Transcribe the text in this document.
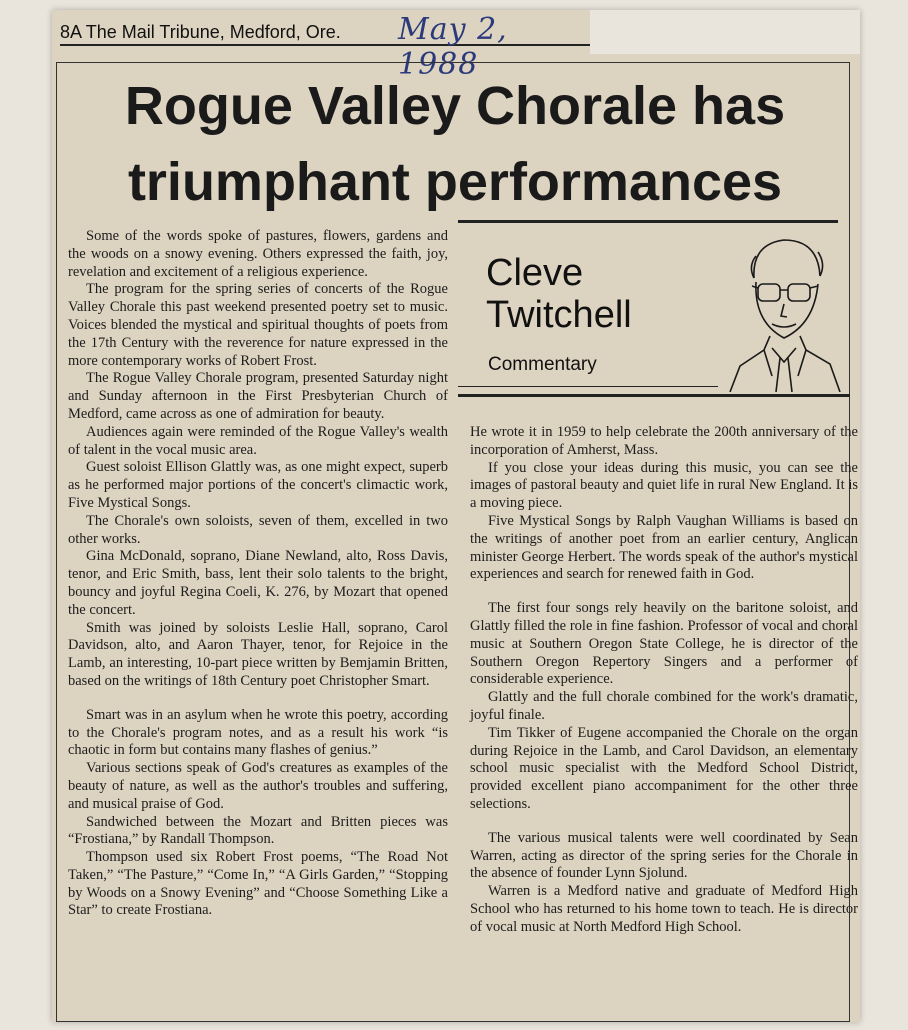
8A The Mail Tribune, Medford, Ore. May 2, 1988
Rogue Valley Chorale has
triumphant performances
Cleve
Twitchell
Commentary

Some of the words spoke of pastures, flowers, gardens and the woods on a snowy evening. Others expressed the faith, joy, revelation and excitement of a religious experience.

The program for the spring series of concerts of the Rogue Valley Chorale this past weekend presented poetry set to music. Voices blended the mystical and spiritual thoughts of poets from the 17th Century with the reverence for nature expressed in the more contemporary works of Robert Frost.

The Rogue Valley Chorale program, presented Saturday night and Sunday afternoon in the First Presbyterian Church of Medford, came across as one of admiration for beauty.

Audiences again were reminded of the Rogue Valley's wealth of talent in the vocal music area.

Guest soloist Ellison Glattly was, as one might expect, superb as he performed major portions of the concert's climactic work, Five Mystical Songs.

The Chorale's own soloists, seven of them, excelled in two other works.

Gina McDonald, soprano, Diane Newland, alto, Ross Davis, tenor, and Eric Smith, bass, lent their solo talents to the bright, bouncy and joyful Regina Coeli, K. 276, by Mozart that opened the concert.

Smith was joined by soloists Leslie Hall, soprano, Carol Davidson, alto, and Aaron Thayer, tenor, for Rejoice in the Lamb, an interesting, 10-part piece written by Bemjamin Britten, based on the writings of 18th Century poet Christopher Smart.

Smart was in an asylum when he wrote this poetry, according to the Chorale's program notes, and as a result his work “is chaotic in form but contains many flashes of genius.”

Various sections speak of God's creatures as examples of the beauty of nature, as well as the author's troubles and suffering, and musical praise of God.

Sandwiched between the Mozart and Britten pieces was “Frostiana,” by Randall Thompson.

Thompson used six Robert Frost poems, “The Road Not Taken,” “The Pasture,” “Come In,” “A Girls Garden,” “Stopping by Woods on a Snowy Evening” and “Choose Something Like a Star” to create Frostiana.

He wrote it in 1959 to help celebrate the 200th anniversary of the incorporation of Amherst, Mass.

If you close your ideas during this music, you can see the images of pastoral beauty and quiet life in rural New England. It is a moving piece.

Five Mystical Songs by Ralph Vaughan Williams is based on the writings of another poet from an earlier century, Anglican minister George Herbert. The words speak of the author's mystical experiences and search for renewed faith in God.

The first four songs rely heavily on the baritone soloist, and Glattly filled the role in fine fashion. Professor of vocal and choral music at Southern Oregon State College, he is director of the Southern Oregon Repertory Singers and a performer of considerable experience.

Glattly and the full chorale combined for the work's dramatic, joyful finale.

Tim Tikker of Eugene accompanied the Chorale on the organ during Rejoice in the Lamb, and Carol Davidson, an elementary school music specialist with the Medford School District, provided excellent piano accompaniment for the other three selections.

The various musical talents were well coordinated by Sean Warren, acting as director of the spring series for the Chorale in the absence of founder Lynn Sjolund.

Warren is a Medford native and graduate of Medford High School who has returned to his home town to teach. He is director of vocal music at North Medford High School.
